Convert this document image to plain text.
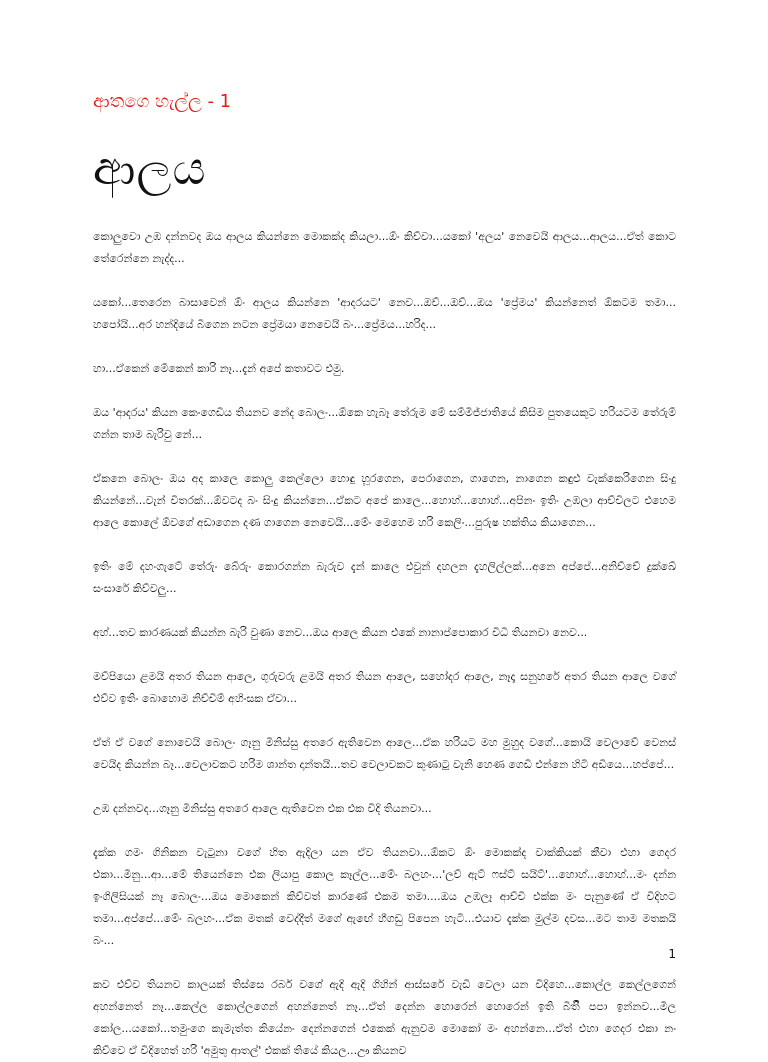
ආතගෙ හැල්ල - 1
ආලය

කොලුවො උඹ දන්නවද ඔය ආලය කියන්නෙ මොකක්ද කියලා...ඕං කිව්වා...යකෝ 'අලය' නෙවෙයි ආලය...ආලය...ඒත් කොට තේරෙන්නෙ නැද්ද...

යකෝ...තෙරෙන බාසාවෙන් ඕං ආලය කියන්නෙ 'ආදරයට' නෙව...ඔව්...ඔව්...ඔය 'ප්‍රේමය' කියන්නෙත් ඕකටම තමා... හපෝයි...අර හන්දියේ බීගෙන නටන ප්‍රේමයා නෙවෙයි බං...ප්‍රේමය...හරිද...

හා...ඒකෙන් මේකෙන් කාරි නෑ...දැන් අපේ කතාවට එමු.

ඔය 'ආදරය' කියන කෙංගෙඩිය තියනව නේද බොලං...ඕකෙ හැබෑ තේරුම මේ සම්මිජ්ජාතියේ කිසිම පුතයෙකුට හරියටම තේරුම් ගන්න තාම බැරිවු නේ...

ඒකනෙ බොලං ඔය අද කාලෙ කොලු කෙල්ලො හොඳු හූරගෙන, පෙරාගෙන, ගාගෙන, නාගෙන කඳුළු වැක්කෙරිගෙන සිංදු කියන්නේ...වැන් විතරක්...ඕවටද බං සිංදු කියන්නෙ...ඒකට අපේ කාලෙ...හොහ්...හොහ්...අපිනං ඉතිං උඹලා ආච්චිලට එහෙම ආලෙ කොලේ ඕවගේ අඩාගෙන දණ ගාගෙන නෙවෙයි...මේං මෙහෙම හරි කෙලිං...පුරුෂ හක්තිය කියාගෙන...

ඉතිං මේ දහංගැටේ තේරුං බේරුං කොරගන්න බැරුව දැන් කාලෙ එවුන් දහලන දැහලිල්ලක්...අනෙ අප්පේ...අනිච්චේ දුක්ඛේ සංසාරේ කිව්වලු...

අහ්...තව කාරණයක් කියන්න බැරි වුණා නෙව...ඔය ආලෙ කියන එකේ නානාප්පොකාර විධි තියනවා නෙව...

මව්පියො ළමයි අතර තියන ආලෙ, ගුරුවරු ළමයි අතර තියන ආලෙ, සහෝදර ආලෙ, නෑදෑ සනුහරේ අතර තියන ආලෙ වගේ එව්ව ඉතිං බොහොම නිච්චිම් අහිංසක ඒවා...

ඒත් ඒ වගේ නොවෙයි බොලං ගෑනු මිනිස්සු අතරෙ ඇතිවෙන ආලෙ...ඒක හරියට මහ මුහුද වගේ...කොයි වෙලාවේ වෙනස් වෙයිද කියන්න බෑ...වෙලාවකට හරිම ශාන්ත දාන්තයි...තව වෙලාවකට කුණාටු වැනි හෙණ ගෙඩි එන්නෙ හිටි අඩියෙ...හප්පේ...

උඹ දන්නවද...ගෑනු මිනිස්සු අතරෙ ආලෙ ඇතිවෙන එක එක විදි තියනවා...

දැක්ක ගමං ගිනිකන වැටුනා වගේ හිත ඇදිලා යන ඒව තියනවා...ඕකට ඕං මොකක්ද වාක්කියක් කීවා එහා ගෙදර එකා...මීනු...ආ...මේ තියෙන්නෙ එක ලියාපු කොල කෑල්ල...මේං බලහං...'ලව් ඇට් ෆස්ට් සයිට්'...හොහ්...හොහ්...මං දන්න ඉංගිලිසියක් නෑ බොලං...ඔය මොකෙන් කිව්වත් කාරණේ එකම තමා....ඔය උඹලෑ ආච්චි එක්ක මං පැනුණේ ඒ විදිහට තමා...අප්පේ...මේං බලහං...ඒක මතක් වෙද්දීත් මගේ ඇඟේ හීගඩු පිපෙන හැටි...එයාව දැක්ක මුල්ම දවස...මට තාම මතකයි බං...

කව එව්ව තියනව කාලයක් තිස්සෙ රබර් වගේ ඇදි ඇදි ගිහින් ආස්සරේ වැඩි වෙලා යන විදිහෙ...කොල්ල කෙල්ලගෙන් අහන්නෙත් නෑ...කෙල්ල කොල්ලගෙන් අහන්නෙත් නෑ...ඒත් දෙන්න හොරෙන් හොරෙන් ඉති බිතිි පපා ඉන්නව...මිල කෝල...යකෝ...තමුංගෙ කැමැත්ත කියේනං දෙන්නගෙන් එකෙක් ඇනුවම මොකෝ මං අහන්නෙ...ඒත් එහා ගෙදර එකා නං කිව්වෙ ඒ විදිහෙත් හරි 'අමුතු ආතල්' එකක් තියේ කියල...ඌ කියනව

1
